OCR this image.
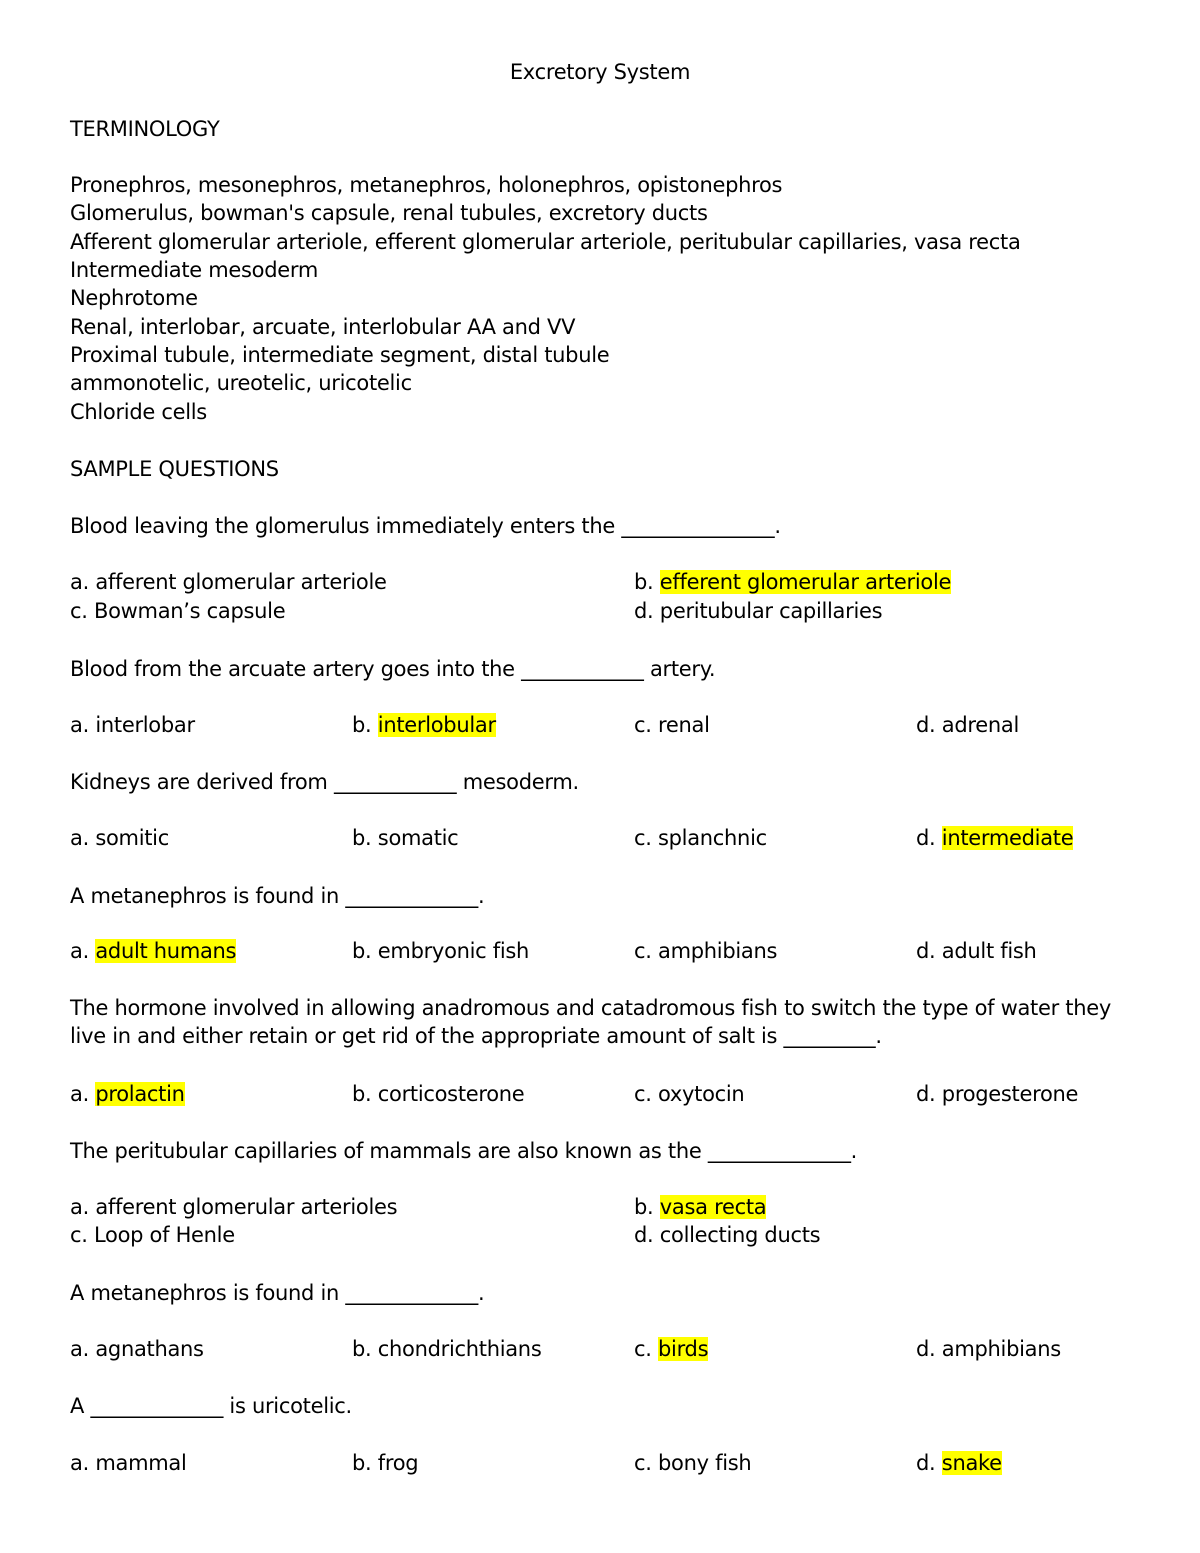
Excretory System
TERMINOLOGY
Pronephros, mesonephros, metanephros, holonephros, opistonephros
Glomerulus, bowman's capsule, renal tubules, excretory ducts
Afferent glomerular arteriole, efferent glomerular arteriole, peritubular capillaries, vasa recta
Intermediate mesoderm
Nephrotome
Renal, interlobar, arcuate, interlobular AA and VV
Proximal tubule, intermediate segment, distal tubule
ammonotelic, ureotelic, uricotelic
Chloride cells
SAMPLE QUESTIONS
Blood leaving the glomerulus immediately enters the _______________.
a. afferent glomerular arteriole	b. efferent glomerular arteriole
c. Bowman’s capsule	d. peritubular capillaries
Blood from the arcuate artery goes into the ____________ artery.
a. interlobar	b. interlobular	c. renal	d. adrenal
Kidneys are derived from ____________ mesoderm.
a. somitic	b. somatic	c. splanchnic	d. intermediate
A metanephros is found in _____________.
a. adult humans	b. embryonic fish	c. amphibians	d. adult fish
The hormone involved in allowing anadromous and catadromous fish to switch the type of water they
live in and either retain or get rid of the appropriate amount of salt is _________.
a. prolactin	b. corticosterone	c. oxytocin	d. progesterone
The peritubular capillaries of mammals are also known as the ______________.
a. afferent glomerular arterioles	b. vasa recta
c. Loop of Henle	d. collecting ducts
A metanephros is found in _____________.
a. agnathans	b. chondrichthians	c. birds	d. amphibians
A _____________ is uricotelic.
a. mammal	b. frog	c. bony fish	d. snake
